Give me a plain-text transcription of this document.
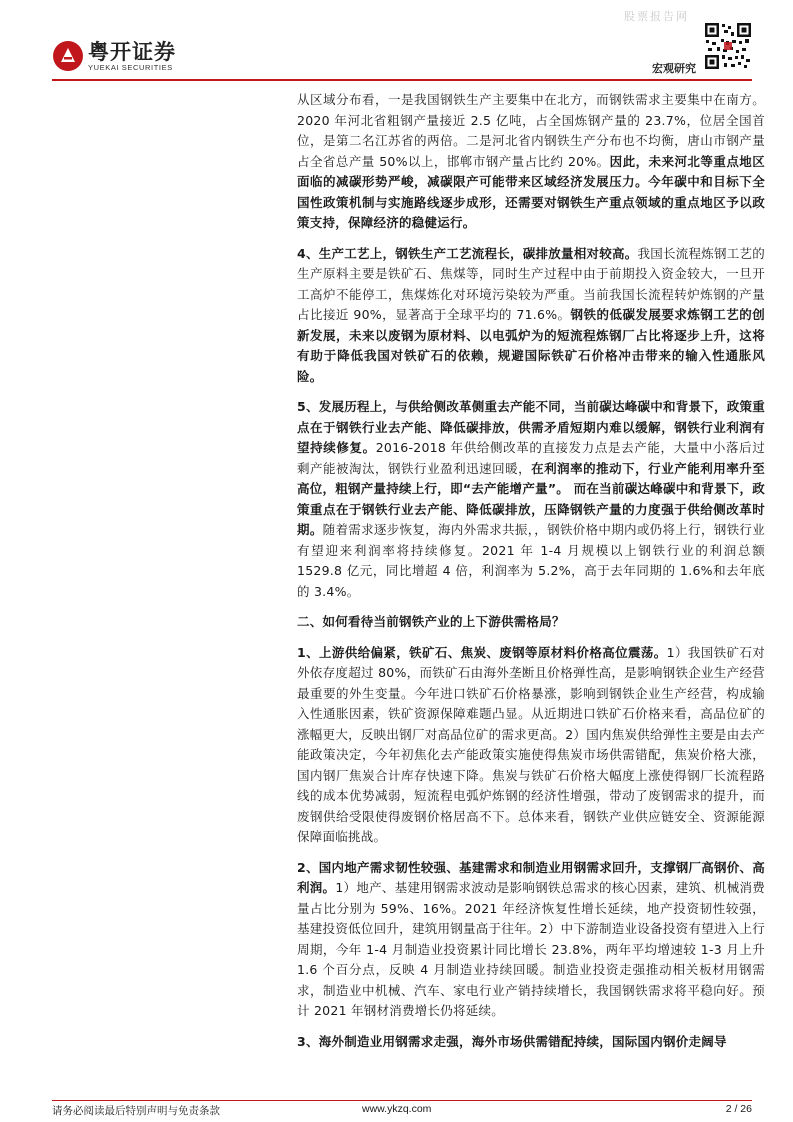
股票报告网
粤开证券
YUEKAI SECURITIES	宏观研究

从区域分布看，一是我国钢铁生产主要集中在北方，而钢铁需求主要集中在南方。2020 年河北省粗钢产量接近 2.5 亿吨，占全国炼钢产量的 23.7%，位居全国首位，是第二名江苏省的两倍。二是河北省内钢铁生产分布也不均衡，唐山市钢产量占全省总产量 50%以上，邯郸市钢产量占比约 20%。因此，未来河北等重点地区面临的减碳形势严峻，减碳限产可能带来区域经济发展压力。今年碳中和目标下全国性政策机制与实施路线逐步成形，还需要对钢铁生产重点领域的重点地区予以政策支持，保障经济的稳健运行。

4、生产工艺上，钢铁生产工艺流程长，碳排放量相对较高。我国长流程炼钢工艺的生产原料主要是铁矿石、焦煤等，同时生产过程中由于前期投入资金较大，一旦开工高炉不能停工，焦煤炼化对环境污染较为严重。当前我国长流程转炉炼钢的产量占比接近 90%，显著高于全球平均的 71.6%。钢铁的低碳发展要求炼钢工艺的创新发展，未来以废钢为原材料、以电弧炉为的短流程炼钢厂占比将逐步上升，这将有助于降低我国对铁矿石的依赖，规避国际铁矿石价格冲击带来的输入性通胀风险。

5、发展历程上，与供给侧改革侧重去产能不同，当前碳达峰碳中和背景下，政策重点在于钢铁行业去产能、降低碳排放，供需矛盾短期内难以缓解，钢铁行业利润有望持续修复。2016-2018 年供给侧改革的直接发力点是去产能，大量中小落后过剩产能被淘汰，钢铁行业盈利迅速回暖，在利润率的推动下，行业产能利用率升至高位，粗钢产量持续上行，即“去产能增产量”。 而在当前碳达峰碳中和背景下，政策重点在于钢铁行业去产能、降低碳排放，压降钢铁产量的力度强于供给侧改革时期。随着需求逐步恢复，海内外需求共振，，钢铁价格中期内或仍将上行，钢铁行业有望迎来利润率将持续修复。2021 年 1-4 月规模以上钢铁行业的利润总额 1529.8 亿元，同比增超 4 倍，利润率为 5.2%，高于去年同期的 1.6%和去年底的 3.4%。

二、如何看待当前钢铁产业的上下游供需格局？

1、上游供给偏紧，铁矿石、焦炭、废钢等原材料价格高位震荡。1）我国铁矿石对外依存度超过 80%，而铁矿石由海外垄断且价格弹性高，是影响钢铁企业生产经营最重要的外生变量。今年进口铁矿石价格暴涨，影响到钢铁企业生产经营，构成输入性通胀因素，铁矿资源保障难题凸显。从近期进口铁矿石价格来看，高品位矿的涨幅更大，反映出钢厂对高品位矿的需求更高。2）国内焦炭供给弹性主要是由去产能政策决定，今年初焦化去产能政策实施使得焦炭市场供需错配，焦炭价格大涨，国内钢厂焦炭合计库存快速下降。焦炭与铁矿石价格大幅度上涨使得钢厂长流程路线的成本优势减弱，短流程电弧炉炼钢的经济性增强，带动了废钢需求的提升，而废钢供给受限使得废钢价格居高不下。总体来看，钢铁产业供应链安全、资源能源保障面临挑战。

2、国内地产需求韧性较强、基建需求和制造业用钢需求回升，支撑钢厂高钢价、高利润。1）地产、基建用钢需求波动是影响钢铁总需求的核心因素，建筑、机械消费量占比分别为 59%、16%。2021 年经济恢复性增长延续，地产投资韧性较强，基建投资低位回升，建筑用钢量高于往年。2）中下游制造业设备投资有望进入上行周期，今年 1-4 月制造业投资累计同比增长 23.8%，两年平均增速较 1-3 月上升 1.6 个百分点，反映 4 月制造业持续回暖。制造业投资走强推动相关板材用钢需求，制造业中机械、汽车、家电行业产销持续增长，我国钢铁需求将平稳向好。预计 2021 年钢材消费增长仍将延续。

3、海外制造业用钢需求走强，海外市场供需错配持续，国际国内钢价走阔导

请务必阅读最后特别声明与免责条款	www.ykzq.com	2 / 26
